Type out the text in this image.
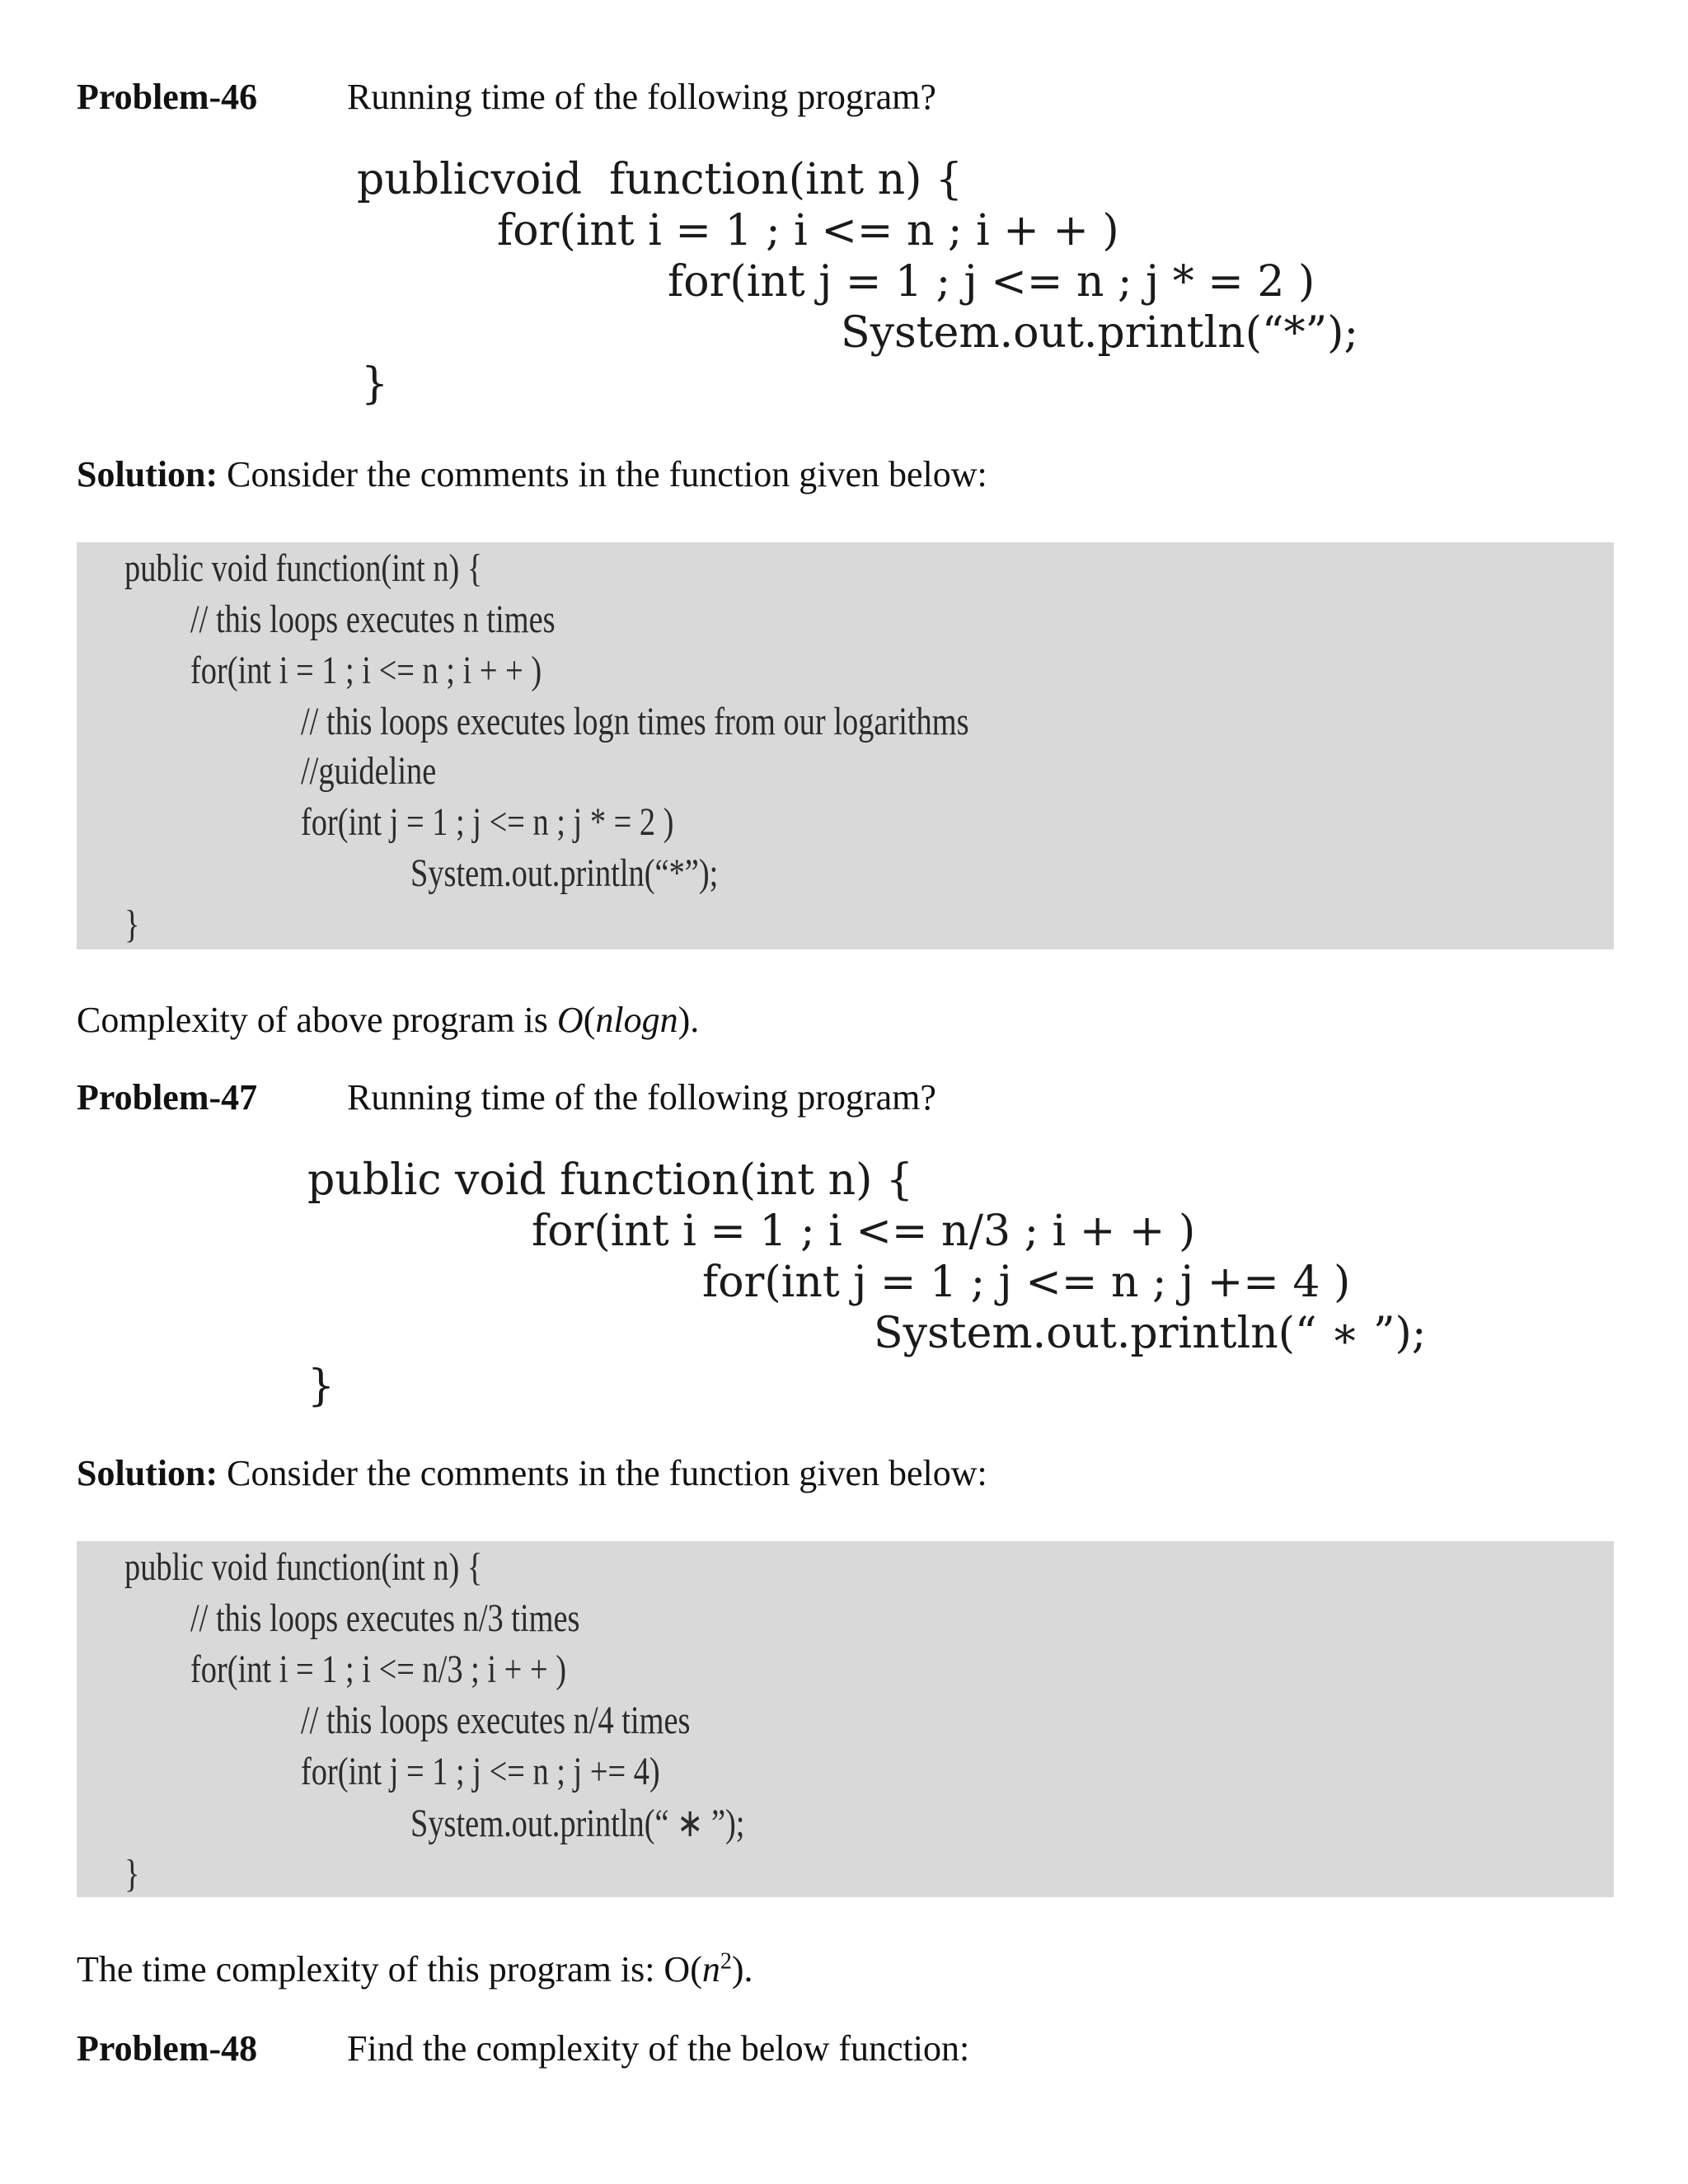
Problem-46 Running time of the following program?
publicvoid  function(int n) {
for(int i = 1 ; i <= n ; i + + )
for(int j = 1 ; j <= n ; j * = 2 )
System.out.println(“*”);
}
Solution: Consider the comments in the function given below:
public void function(int n) {
// this loops executes n times
for(int i = 1 ; i <= n ; i + + )
// this loops executes logn times from our logarithms
//guideline
for(int j = 1 ; j <= n ; j * = 2 )
System.out.println(“*”);
}
Complexity of above program is O(nlogn).
Problem-47 Running time of the following program?
public void function(int n) {
for(int i = 1 ; i <= n/3 ; i + + )
for(int j = 1 ; j <= n ; j += 4 )
System.out.println(“ ∗ ”);
}
Solution: Consider the comments in the function given below:
public void function(int n) {
// this loops executes n/3 times
for(int i = 1 ; i <= n/3 ; i + + )
// this loops executes n/4 times
for(int j = 1 ; j <= n ; j += 4)
System.out.println(“ ∗ ”);
}
The time complexity of this program is: $O(n^2)$.
Problem-48 Find the complexity of the below function:
